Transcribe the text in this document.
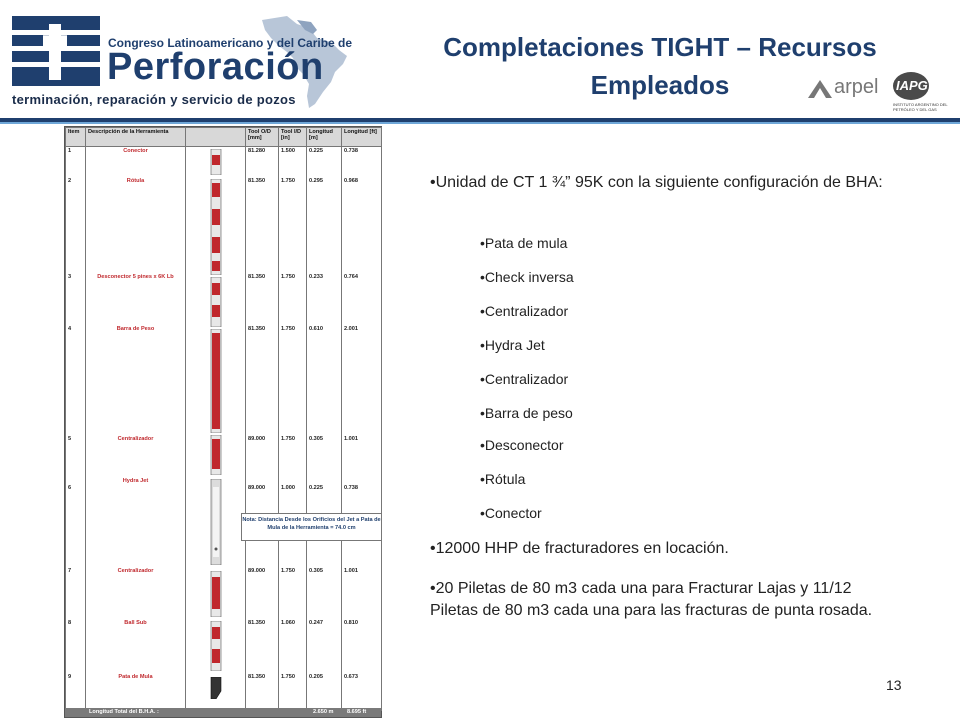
Congreso Latinoamericano y del Caribe de
Perforación
terminación, reparación y servicio de pozos
Completaciones TIGHT – Recursos
Empleados	arpel IAPG
INSTITUTO ARGENTINO DEL PETRÓLEO Y DEL GAS
Item	Descripción de la Herramienta		Tool O/D [mm]	Tool I/D [in]	Longitud [m]	Longitud [ft]
1	Conector		81.280	1.500	0.225	0.738
2	Rótula		81.350	1.750	0.295	0.968
3	Desconector 5 pines x 6K Lb		81.350	1.750	0.233	0.764
4	Barra de Peso		81.350	1.750	0.610	2.001
5	Centralizador		89.000	1.750	0.305	1.001
6	Hydra Jet		89.000	1.000	0.225	0.738
7	Centralizador		89.000	1.750	0.305	1.001
8	Ball Sub		81.350	1.060	0.247	0.810
9	Pata de Mula		81.350	1.750	0.205	0.673
Nota: Distancia Desde los Orificios del Jet a Pata de Mula de la Herramienta = 74.0 cm
Longitud Total del B.H.A. :	2.650 m 8.695 ft
•Unidad de CT 1 ¾” 95K con la siguiente configuración de BHA:
•Pata de mula
•Check inversa
•Centralizador
•Hydra Jet
•Centralizador
•Barra de peso
•Desconector
•Rótula
•Conector
•12000 HHP de fracturadores en locación.
•20 Piletas de 80 m3 cada una para Fracturar Lajas y 11/12 Piletas de 80 m3 cada una para las fracturas de punta rosada.
13
